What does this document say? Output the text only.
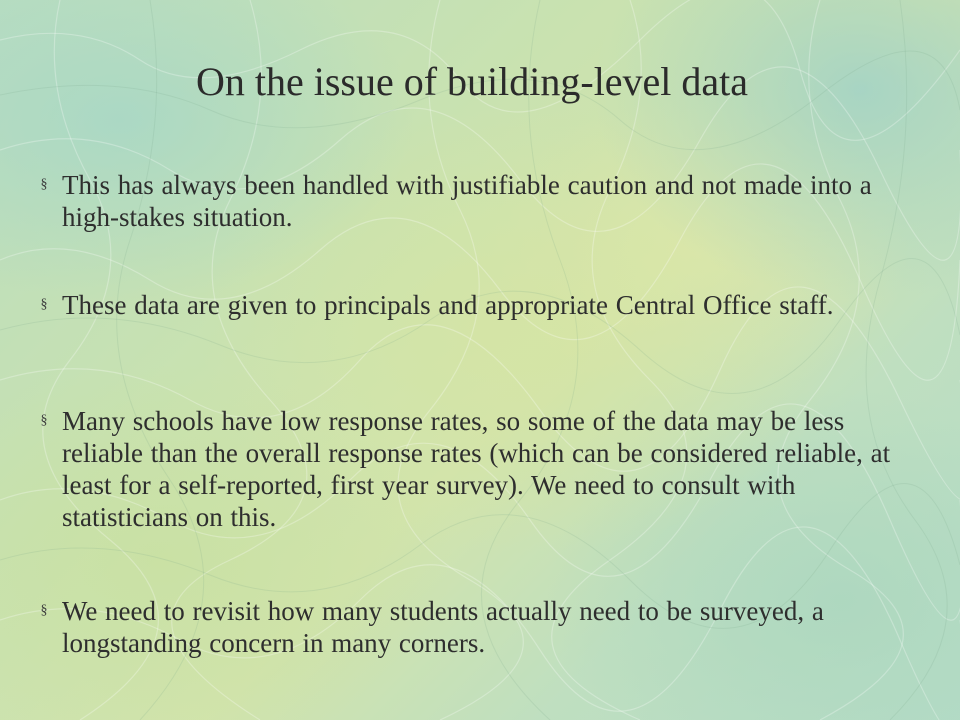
On the issue of building-level data
§ This has always been handled with justifiable caution and not made into a high-stakes situation.
§ These data are given to principals and appropriate Central Office staff.
§ Many schools have low response rates, so some of the data may be less reliable than the overall response rates (which can be considered reliable, at least for a self-reported, first year survey). We need to consult with statisticians on this.
§ We need to revisit how many students actually need to be surveyed, a longstanding concern in many corners.
